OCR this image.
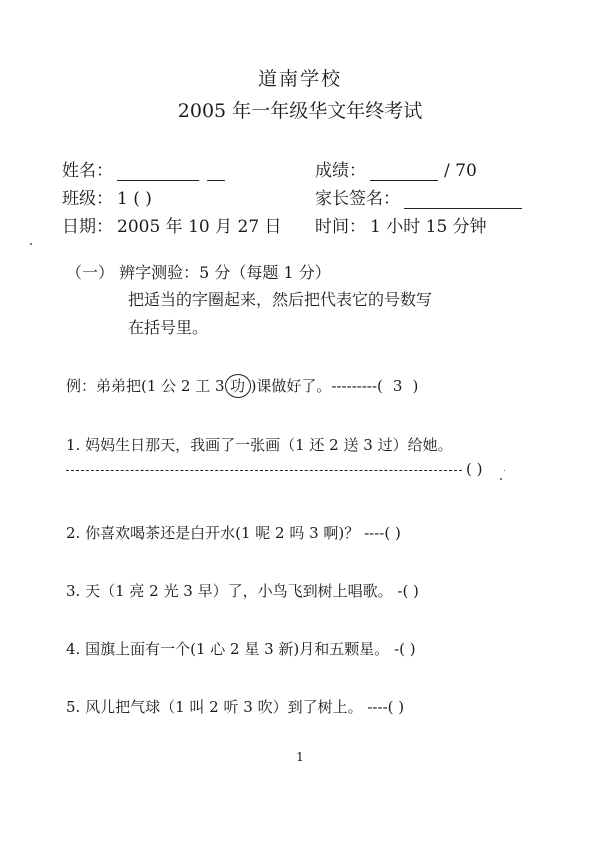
道南学校
2005 年一年级华文年终考试
姓名：	成绩：	/ 70
班级： 1 ( )	家长签名：
日期： 2005 年 10 月 27 日 时间： 1 小时 15 分钟
（一） 辨字测验：5 分（每题 1 分）
把适当的字圈起来，然后把代表它的号数写
在括号里。
例：弟弟把(1 公 2 工 3 功 )课做好了。---------( 3 )
1. 妈妈生日那天，我画了一张画（1 还 2 送 3 过）给她。
( )
2. 你喜欢喝茶还是白开水(1 呢 2 吗 3 啊)？ ----( )
3. 天（1 亮 2 光 3 早）了，小鸟飞到树上唱歌。 -( )
4. 国旗上面有一个(1 心 2 星 3 新)月和五颗星。 -( )
5. 风儿把气球（1 叫 2 听 3 吹）到了树上。 ----( )
1
